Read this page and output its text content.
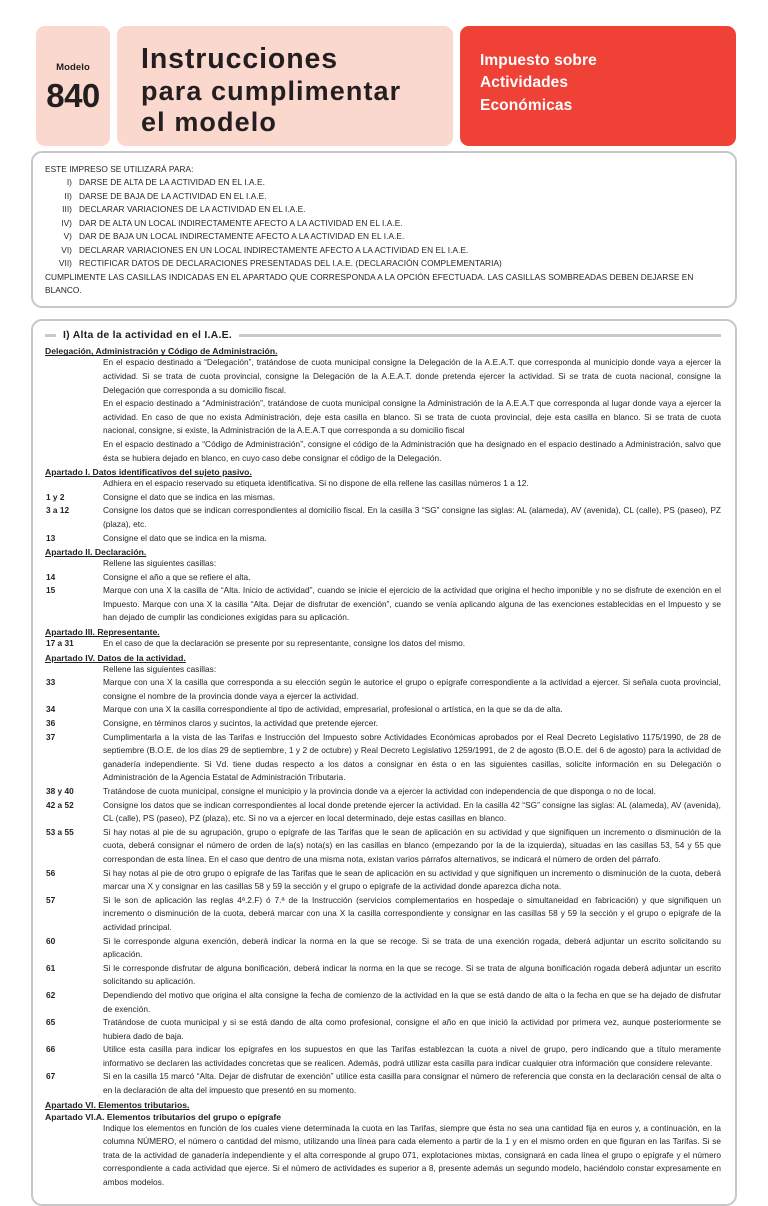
Modelo
840
Instrucciones
para cumplimentar
el modelo
Impuesto sobre
Actividades
Económicas
ESTE IMPRESO SE UTILIZARÁ PARA:
I) DARSE DE ALTA DE LA ACTIVIDAD EN EL I.A.E.
II) DARSE DE BAJA DE LA ACTIVIDAD EN EL I.A.E.
III) DECLARAR VARIACIONES DE LA ACTIVIDAD EN EL I.A.E.
IV) DAR DE ALTA UN LOCAL INDIRECTAMENTE AFECTO A LA ACTIVIDAD EN EL I.A.E.
V) DAR DE BAJA UN LOCAL INDIRECTAMENTE AFECTO A LA ACTIVIDAD EN EL I.A.E.
VI) DECLARAR VARIACIONES EN UN LOCAL INDIRECTAMENTE AFECTO A LA ACTIVIDAD EN EL I.A.E.
VII) RECTIFICAR DATOS DE DECLARACIONES PRESENTADAS DEL I.A.E. (DECLARACIÓN COMPLEMENTARIA)
CUMPLIMENTE LAS CASILLAS INDICADAS EN EL APARTADO QUE CORRESPONDA A LA OPCIÓN EFECTUADA. LAS CASILLAS SOMBREADAS DEBEN DEJARSE EN BLANCO.
I) Alta de la actividad en el I.A.E.
Delegación, Administración y Código de Administración.
En el espacio destinado a “Delegación”, tratándose de cuota municipal consigne la Delegación de la A.E.A.T. que corresponda al municipio donde vaya a ejercer la actividad. Si se trata de cuota provincial, consigne la Delegación de la A.E.A.T. donde pretenda ejercer la actividad. Si se trata de cuota nacional, consigne la Delegación que corresponda a su domicilio fiscal.
En el espacio destinado a “Administración”, tratándose de cuota municipal consigne la Administración de la A.E.A.T que corresponda al lugar donde vaya a ejercer la actividad. En caso de que no exista Administración, deje esta casilla en blanco. Si se trata de cuota provincial, deje esta casilla en blanco. Si se trata de cuota nacional, consigne, si existe, la Administración de la A.E.A.T que corresponda a su domicilio fiscal
En el espacio destinado a “Código de Administración”, consigne el código de la Administración que ha designado en el espacio destinado a Administración, salvo que ésta se hubiera dejado en blanco, en cuyo caso debe consignar el código de la Delegación.
Apartado I. Datos identificativos del sujeto pasivo.
Adhiera en el espacio reservado su etiqueta identificativa. Si no dispone de ella rellene las casillas números 1 a 12.
1 y 2	Consigne el dato que se indica en las mismas.
3 a 12	Consigne los datos que se indican correspondientes al domicilio fiscal. En la casilla 3 “SG” consigne las siglas: AL (alameda), AV (avenida), CL (calle), PS (paseo), PZ (plaza), etc.
13	Consigne el dato que se indica en la misma.
Apartado II. Declaración.
Rellene las siguientes casillas:
14	Consigne el año a que se refiere el alta.
15	Marque con una X la casilla de “Alta. Inicio de actividad”, cuando se inicie el ejercicio de la actividad que origina el hecho imponible y no se disfrute de exención en el Impuesto. Marque con una X la casilla “Alta. Dejar de disfrutar de exención”, cuando se venía aplicando alguna de las exenciones establecidas en el Impuesto y se han dejado de cumplir las condiciones exigidas para su aplicación.
Apartado III. Representante.
17 a 31	En el caso de que la declaración se presente por su representante, consigne los datos del mismo.
Apartado IV. Datos de la actividad.
Rellene las siguientes casillas:
33	Marque con una X la casilla que corresponda a su elección según le autorice el grupo o epígrafe correspondiente a la actividad a ejercer. Si señala cuota provincial, consigne el nombre de la provincia donde vaya a ejercer la actividad.
34	Marque con una X la casilla correspondiente al tipo de actividad, empresarial, profesional o artística, en la que se da de alta.
36	Consigne, en términos claros y sucintos, la actividad que pretende ejercer.
37	Cumplimentarla a la vista de las Tarifas e Instrucción del Impuesto sobre Actividades Económicas aprobados por el Real Decreto Legislativo 1175/1990, de 28 de septiembre (B.O.E. de los días 29 de septiembre, 1 y 2 de octubre) y Real Decreto Legislativo 1259/1991, de 2 de agosto (B.O.E. del 6 de agosto) para la actividad de ganadería independiente. Si Vd. tiene dudas respecto a los datos a consignar en ésta o en las siguientes casillas, solicite información en su Delegación o Administración de la Agencia Estatal de Administración Tributaria.
38 y 40	Tratándose de cuota municipal, consigne el municipio y la provincia donde va a ejercer la actividad con independencia de que disponga o no de local.
42 a 52	Consigne los datos que se indican correspondientes al local donde pretende ejercer la actividad. En la casilla 42 “SG” consigne las siglas: AL (alameda), AV (avenida), CL (calle), PS (paseo), PZ (plaza), etc. Si no va a ejercer en local determinado, deje estas casillas en blanco.
53 a 55	Si hay notas al pie de su agrupación, grupo o epígrafe de las Tarifas que le sean de aplicación en su actividad y que signifiquen un incremento o disminución de la cuota, deberá consignar el número de orden de la(s) nota(s) en las casillas en blanco (empezando por la de la izquierda), situadas en las casillas 53, 54 y 55 que correspondan de esta línea. En el caso que dentro de una misma nota, existan varios párrafos alternativos, se indicará el número de orden del párrafo.
56	Si hay notas al pie de otro grupo o epígrafe de las Tarifas que le sean de aplicación en su actividad y que signifiquen un incremento o disminución de la cuota, deberá marcar una X y consignar en las casillas 58 y 59 la sección y el grupo o epígrafe de la actividad donde aparezca dicha nota.
57	Si le son de aplicación las reglas 4ª.2.F) ó 7.ª de la Instrucción (servicios complementarios en hospedaje o simultaneidad en fabricación) y que signifiquen un incremento o disminución de la cuota, deberá marcar con una X la casilla correspondiente y consignar en las casillas 58 y 59 la sección y el grupo o epígrafe de la actividad principal.
60	Si le corresponde alguna exención, deberá indicar la norma en la que se recoge. Si se trata de una exención rogada, deberá adjuntar un escrito solicitando su aplicación.
61	Si le corresponde disfrutar de alguna bonificación, deberá indicar la norma en la que se recoge. Si se trata de alguna bonificación rogada deberá adjuntar un escrito solicitando su aplicación.
62	Dependiendo del motivo que origina el alta consigne la fecha de comienzo de la actividad en la que se está dando de alta o la fecha en que se ha dejado de disfrutar de exención.
65	Tratándose de cuota municipal y si se está dando de alta como profesional, consigne el año en que inició la actividad por primera vez, aunque posteriormente se hubiera dado de baja.
66	Utilice esta casilla para indicar los epígrafes en los supuestos en que las Tarifas establezcan la cuota a nivel de grupo, pero indicando que a título meramente informativo se declaren las actividades concretas que se realicen. Además, podrá utilizar esta casilla para indicar cualquier otra información que considere relevante.
67	Si en la casilla 15 marcó “Alta. Dejar de disfrutar de exención” utilice esta casilla para consignar el número de referencia que consta en la declaración censal de alta o en la declaración de alta del impuesto que presentó en su momento.
Apartado VI. Elementos tributarios.
Apartado VI.A. Elementos tributarios del grupo o epígrafe
Indique los elementos en función de los cuales viene determinada la cuota en las Tarifas, siempre que ésta no sea una cantidad fija en euros y, a continuación, en la columna NÚMERO, el número o cantidad del mismo, utilizando una línea para cada elemento a partir de la 1 y en el mismo orden en que figuran en las Tarifas. Si se trata de la actividad de ganadería independiente y el alta corresponde al grupo 071, explotaciones mixtas, consignará en cada línea el grupo o epígrafe y el número correspondiente a cada actividad que ejerce. Si el número de actividades es superior a 8, presente además un segundo modelo, haciéndolo constar expresamente en ambos modelos.
